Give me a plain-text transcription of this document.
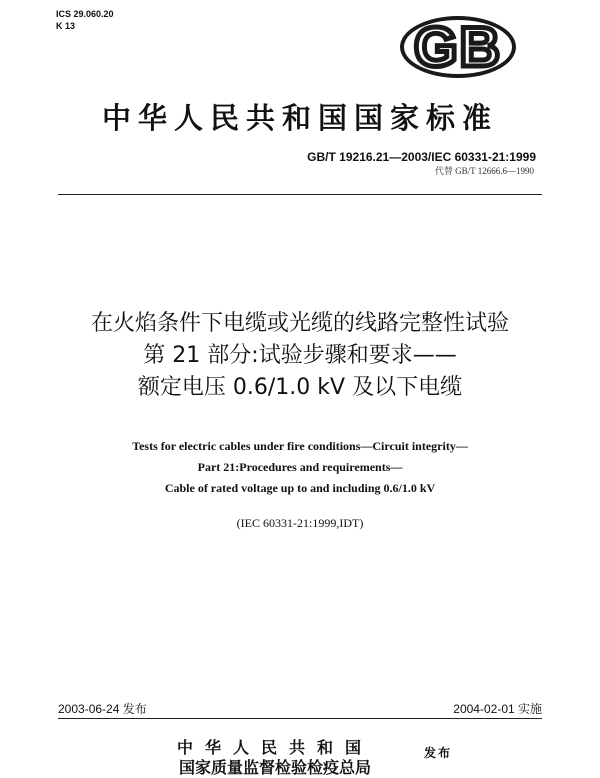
ICS 29.060.20
K 13	GB
中华人民共和国国家标准
GB/T 19216.21—2003/IEC 60331-21:1999
代替 GB/T 12666.6—1990
在火焰条件下电缆或光缆的线路完整性试验
第 21 部分:试验步骤和要求——
额定电压 0.6/1.0 kV 及以下电缆
Tests for electric cables under fire conditions—Circuit integrity—
Part 21:Procedures and requirements—
Cable of rated voltage up to and including 0.6/1.0 kV
(IEC 60331-21:1999,IDT)
2003-06-24 发布	2004-02-01 实施
中华人民共和国
国家质量监督检验检疫总局
发布
